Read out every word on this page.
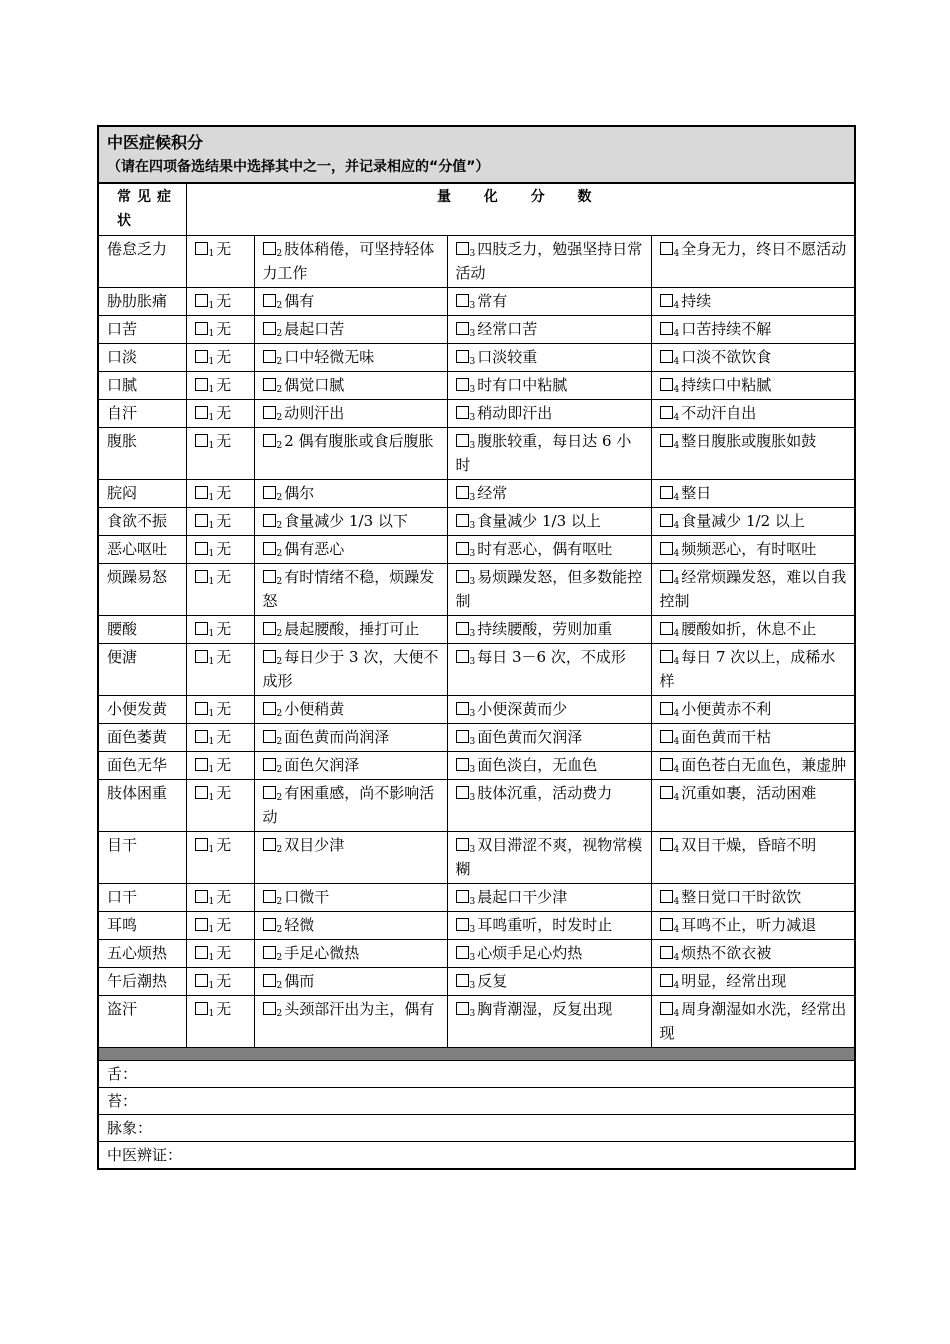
中医症候积分
（请在四项备选结果中选择其中之一，并记录相应的“分值”）				

常见症状	量 化 分 数			
倦怠乏力	$_1$ 无	$_2$ 肢体稍倦，可坚持轻体力工作	$_3$ 四肢乏力，勉强坚持日常活动	$_4$ 全身无力，终日不愿活动
胁肋胀痛	$_1$ 无	$_2$ 偶有	$_3$ 常有	$_4$ 持续
口苦	$_1$ 无	$_2$ 晨起口苦	$_3$ 经常口苦	$_4$ 口苦持续不解
口淡	$_1$ 无	$_2$ 口中轻微无味	$_3$ 口淡较重	$_4$ 口淡不欲饮食
口腻	$_1$ 无	$_2$ 偶觉口腻	$_3$ 时有口中粘腻	$_4$ 持续口中粘腻
自汗	$_1$ 无	$_2$ 动则汗出	$_3$ 稍动即汗出	$_4$ 不动汗自出
腹胀	$_1$ 无	$_2$ 2 偶有腹胀或食后腹胀	$_3$ 腹胀较重，每日达 6 小时	$_4$ 整日腹胀或腹胀如鼓
脘闷	$_1$ 无	$_2$ 偶尔	$_3$ 经常	$_4$ 整日
食欲不振	$_1$ 无	$_2$ 食量减少 1/3 以下	$_3$ 食量减少 1/3 以上	$_4$ 食量减少 1/2 以上
恶心呕吐	$_1$ 无	$_2$ 偶有恶心	$_3$ 时有恶心，偶有呕吐	$_4$ 频频恶心，有时呕吐
烦躁易怒	$_1$ 无	$_2$ 有时情绪不稳，烦躁发怒	$_3$ 易烦躁发怒，但多数能控制	$_4$ 经常烦躁发怒，难以自我控制
腰酸	$_1$ 无	$_2$ 晨起腰酸，捶打可止	$_3$ 持续腰酸，劳则加重	$_4$ 腰酸如折，休息不止
便溏	$_1$ 无	$_2$ 每日少于 3 次，大便不成形	$_3$ 每日 3－6 次，不成形	$_4$ 每日 7 次以上，成稀水样
小便发黄	$_1$ 无	$_2$ 小便稍黄	$_3$ 小便深黄而少	$_4$ 小便黄赤不利
面色萎黄	$_1$ 无	$_2$ 面色黄而尚润泽	$_3$ 面色黄而欠润泽	$_4$ 面色黄而干枯
面色无华	$_1$ 无	$_2$ 面色欠润泽	$_3$ 面色淡白，无血色	$_4$ 面色苍白无血色，兼虚肿
肢体困重	$_1$ 无	$_2$ 有困重感，尚不影响活动	$_3$ 肢体沉重，活动费力	$_4$ 沉重如裹，活动困难
目干	$_1$ 无	$_2$ 双目少津	$_3$ 双目滞涩不爽，视物常模糊	$_4$ 双目干燥，昏暗不明
口干	$_1$ 无	$_2$ 口微干	$_3$ 晨起口干少津	$_4$ 整日觉口干时欲饮
耳鸣	$_1$ 无	$_2$ 轻微	$_3$ 耳鸣重听，时发时止	$_4$ 耳鸣不止，听力减退
五心烦热	$_1$ 无	$_2$ 手足心微热	$_3$ 心烦手足心灼热	$_4$ 烦热不欲衣被
午后潮热	$_1$ 无	$_2$ 偶而	$_3$ 反复	$_4$ 明显，经常出现
盗汗	$_1$ 无	$_2$ 头颈部汗出为主，偶有	$_3$ 胸背潮湿，反复出现	$_4$ 周身潮湿如水洗，经常出现

舌：				
苔：				
脉象：				
中医辨证：				
